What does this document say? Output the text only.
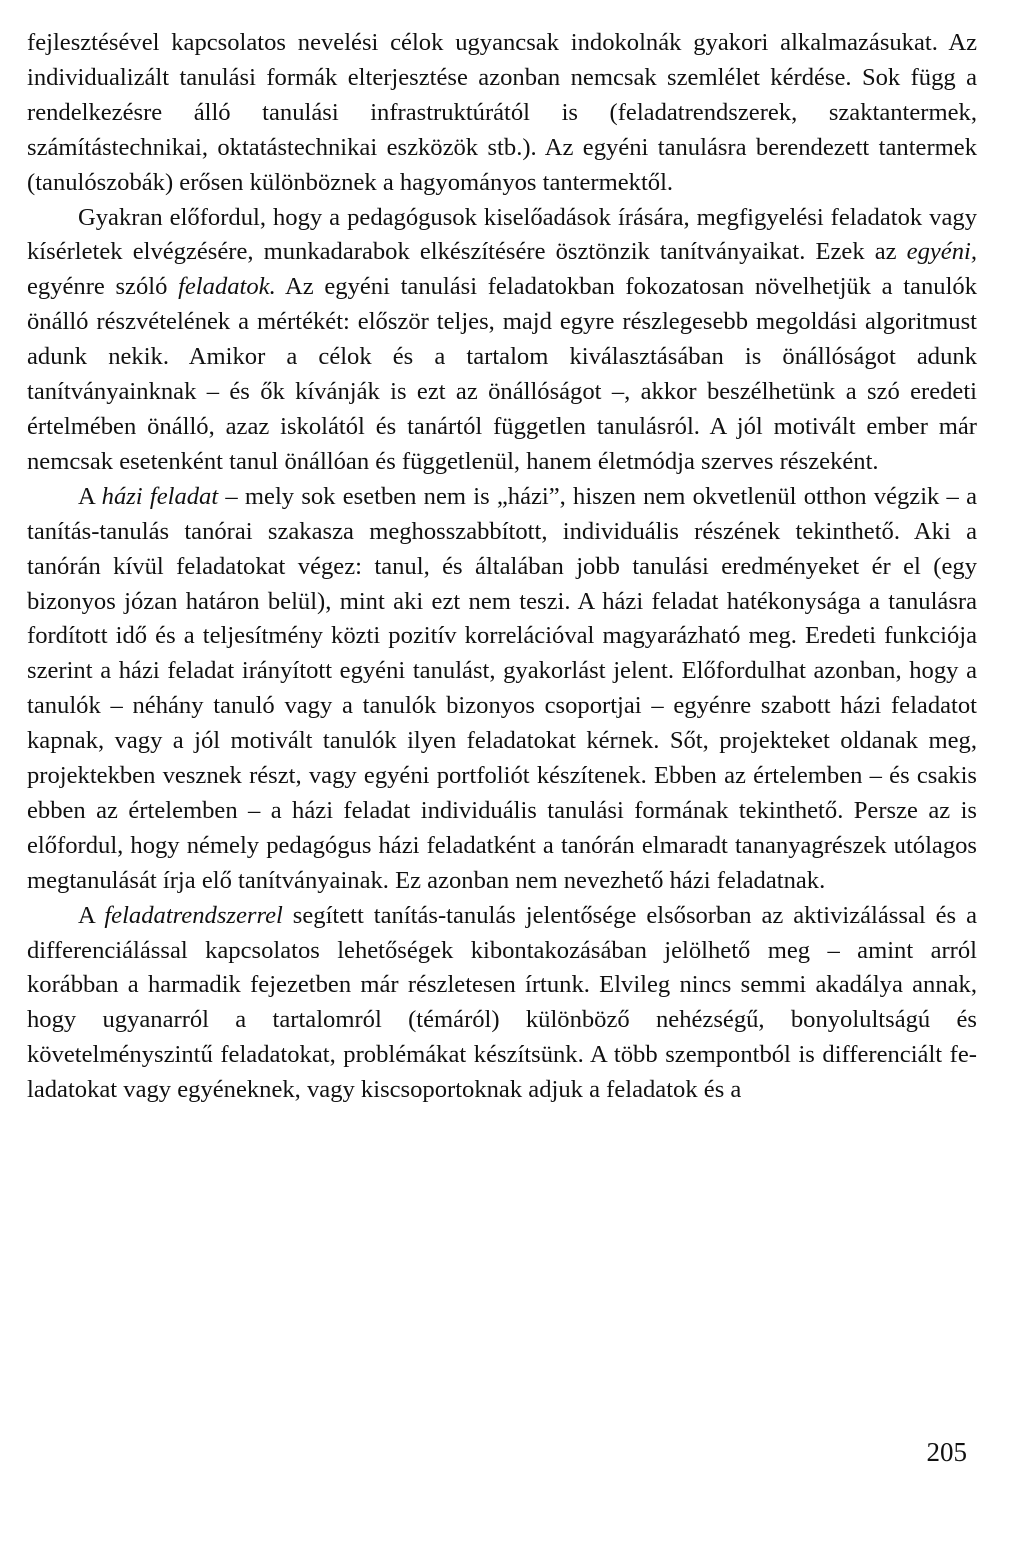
fejlesztésével kapcsolatos nevelési célok ugyancsak indokolnák gyakori alkalmazásukat. Az individualizált tanulási formák elterjesztése azonban nemcsak szemlélet kérdése. Sok függ a rendelkezésre álló tanulási infrastruktúrától is (feladatrendszerek, szaktantermek, számítástechnikai, oktatástechnikai eszközök stb.). Az egyéni tanulásra berendezett tantermek (tanulószobák) erősen különböznek a hagyományos tantermektől.

Gyakran előfordul, hogy a pedagógusok kiselőadások írására, megfigyelési feladatok vagy kísérletek elvégzésére, munkadarabok elkészítésére ösztönzik tanítványaikat. Ezek az egyéni, egyénre szóló feladatok. Az egyéni tanulási feladatokban fokozatosan növelhetjük a tanulók önálló részvételének a mértékét: először teljes, majd egyre részlegesebb megoldási algoritmust adunk nekik. Amikor a célok és a tartalom kiválasztásában is önállóságot adunk tanítványainknak – és ők kívánják is ezt az önállóságot –, akkor beszélhetünk a szó eredeti értelmében önálló, azaz iskolától és tanártól független tanulásról. A jól motivált ember már nemcsak esetenként tanul önállóan és függetlenül, hanem életmódja szerves részeként.

A házi feladat – mely sok esetben nem is „házi”, hiszen nem okvetlenül otthon végzik – a tanítás-tanulás tanórai szakasza meghosszabbított, individuális részének tekinthető. Aki a tanórán kívül feladatokat végez: tanul, és általában jobb tanulási eredményeket ér el (egy bizonyos józan határon belül), mint aki ezt nem teszi. A házi feladat hatékonysága a tanulásra fordított idő és a teljesítmény közti pozitív korrelációval magyarázható meg. Eredeti funkciója szerint a házi feladat irányított egyéni tanulást, gyakorlást jelent. Előfordulhat azonban, hogy a tanulók – néhány tanuló vagy a tanulók bizonyos csoportjai – egyénre szabott házi feladatot kapnak, vagy a jól motivált tanulók ilyen feladatokat kérnek. Sőt, projekteket oldanak meg, projektekben vesznek részt, vagy egyéni portfoliót készítenek. Ebben az értelemben – és csakis ebben az értelemben – a házi feladat individuális tanulási formának tekinthető. Persze az is előfordul, hogy némely pedagógus házi feladatként a tanórán elmaradt tananyagrészek utólagos megtanulását írja elő tanítványainak. Ez azonban nem nevezhető házi feladatnak.

A feladatrendszerrel segített tanítás-tanulás jelentősége elsősorban az aktivizálással és a differenciálással kapcsolatos lehetőségek kibontakozásában jelölhető meg – amint arról korábban a harmadik fejezetben már részletesen írtunk. Elvileg nincs semmi akadálya annak, hogy ugyanarról a tartalomról (témáról) különböző nehézségű, bonyolultságú és követelményszintű feladatokat, problémákat készítsünk. A több szempontból is differenciált feladatokat vagy egyéneknek, vagy kiscsoportoknak adjuk a feladatok és a

205
